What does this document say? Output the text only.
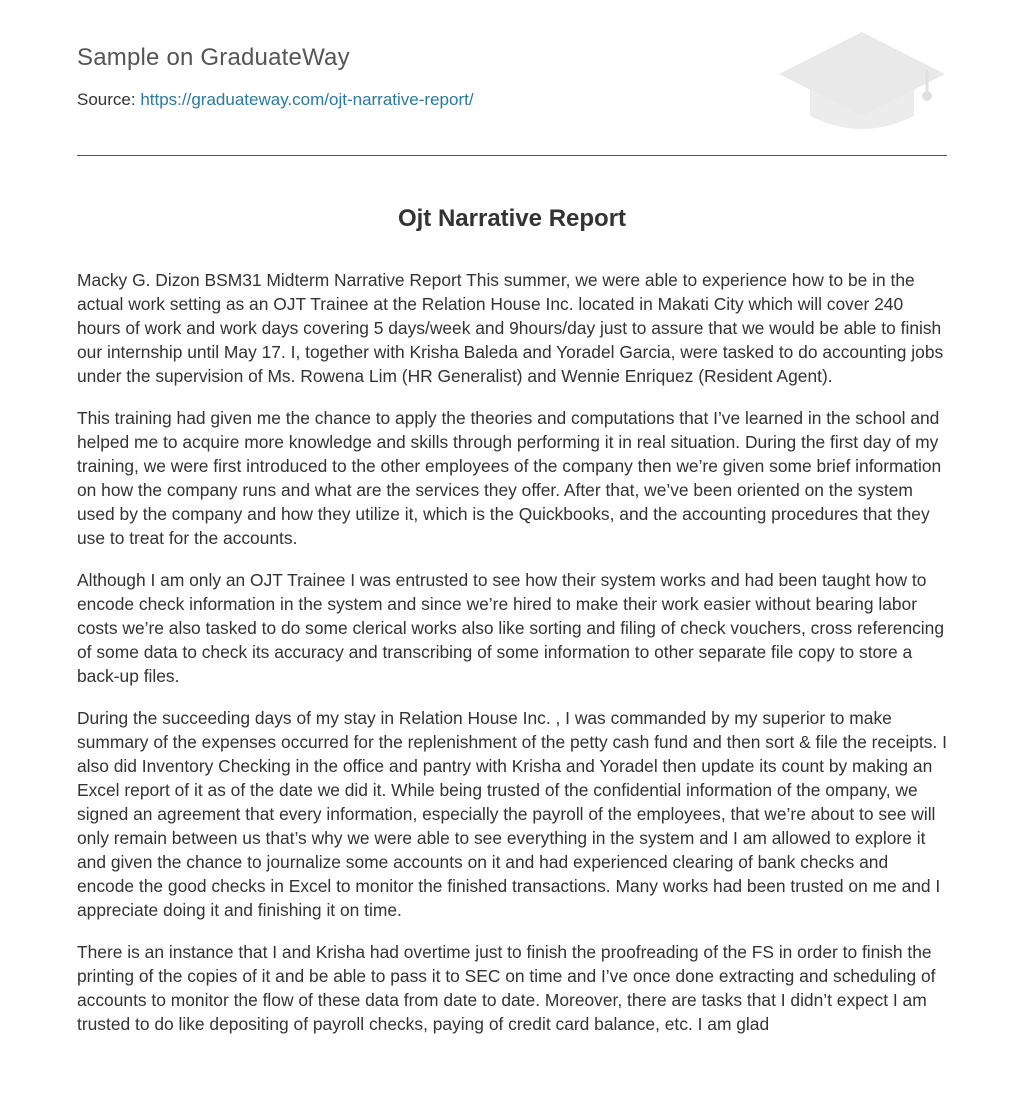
Sample on GraduateWay
Source: https://graduateway.com/ojt-narrative-report/
Ojt Narrative Report

Macky G. Dizon BSM31 Midterm Narrative Report This summer, we were able to experience how to be in the actual work setting as an OJT Trainee at the Relation House Inc. located in Makati City which will cover 240 hours of work and work days covering 5 days/week and 9hours/day just to assure that we would be able to finish our internship until May 17. I, together with Krisha Baleda and Yoradel Garcia, were tasked to do accounting jobs under the supervision of Ms. Rowena Lim (HR Generalist) and Wennie Enriquez (Resident Agent).

This training had given me the chance to apply the theories and computations that I’ve learned in the school and helped me to acquire more knowledge and skills through performing it in real situation. During the first day of my training, we were first introduced to the other employees of the company then we’re given some brief information on how the company runs and what are the services they offer. After that, we’ve been oriented on the system used by the company and how they utilize it, which is the Quickbooks, and the accounting procedures that they use to treat for the accounts.

Although I am only an OJT Trainee I was entrusted to see how their system works and had been taught how to encode check information in the system and since we’re hired to make their work easier without bearing labor costs we’re also tasked to do some clerical works also like sorting and filing of check vouchers, cross referencing of some data to check its accuracy and transcribing of some information to other separate file copy to store a back-up files.

During the succeeding days of my stay in Relation House Inc. , I was commanded by my superior to make summary of the expenses occurred for the replenishment of the petty cash fund and then sort & file the receipts. I also did Inventory Checking in the office and pantry with Krisha and Yoradel then update its count by making an Excel report of it as of the date we did it. While being trusted of the confidential information of the ompany, we signed an agreement that every information, especially the payroll of the employees, that we’re about to see will only remain between us that’s why we were able to see everything in the system and I am allowed to explore it and given the chance to journalize some accounts on it and had experienced clearing of bank checks and encode the good checks in Excel to monitor the finished transactions. Many works had been trusted on me and I appreciate doing it and finishing it on time.

There is an instance that I and Krisha had overtime just to finish the proofreading of the FS in order to finish the printing of the copies of it and be able to pass it to SEC on time and I’ve once done extracting and scheduling of accounts to monitor the flow of these data from date to date. Moreover, there are tasks that I didn’t expect I am trusted to do like depositing of payroll checks, paying of credit card balance, etc. I am glad
